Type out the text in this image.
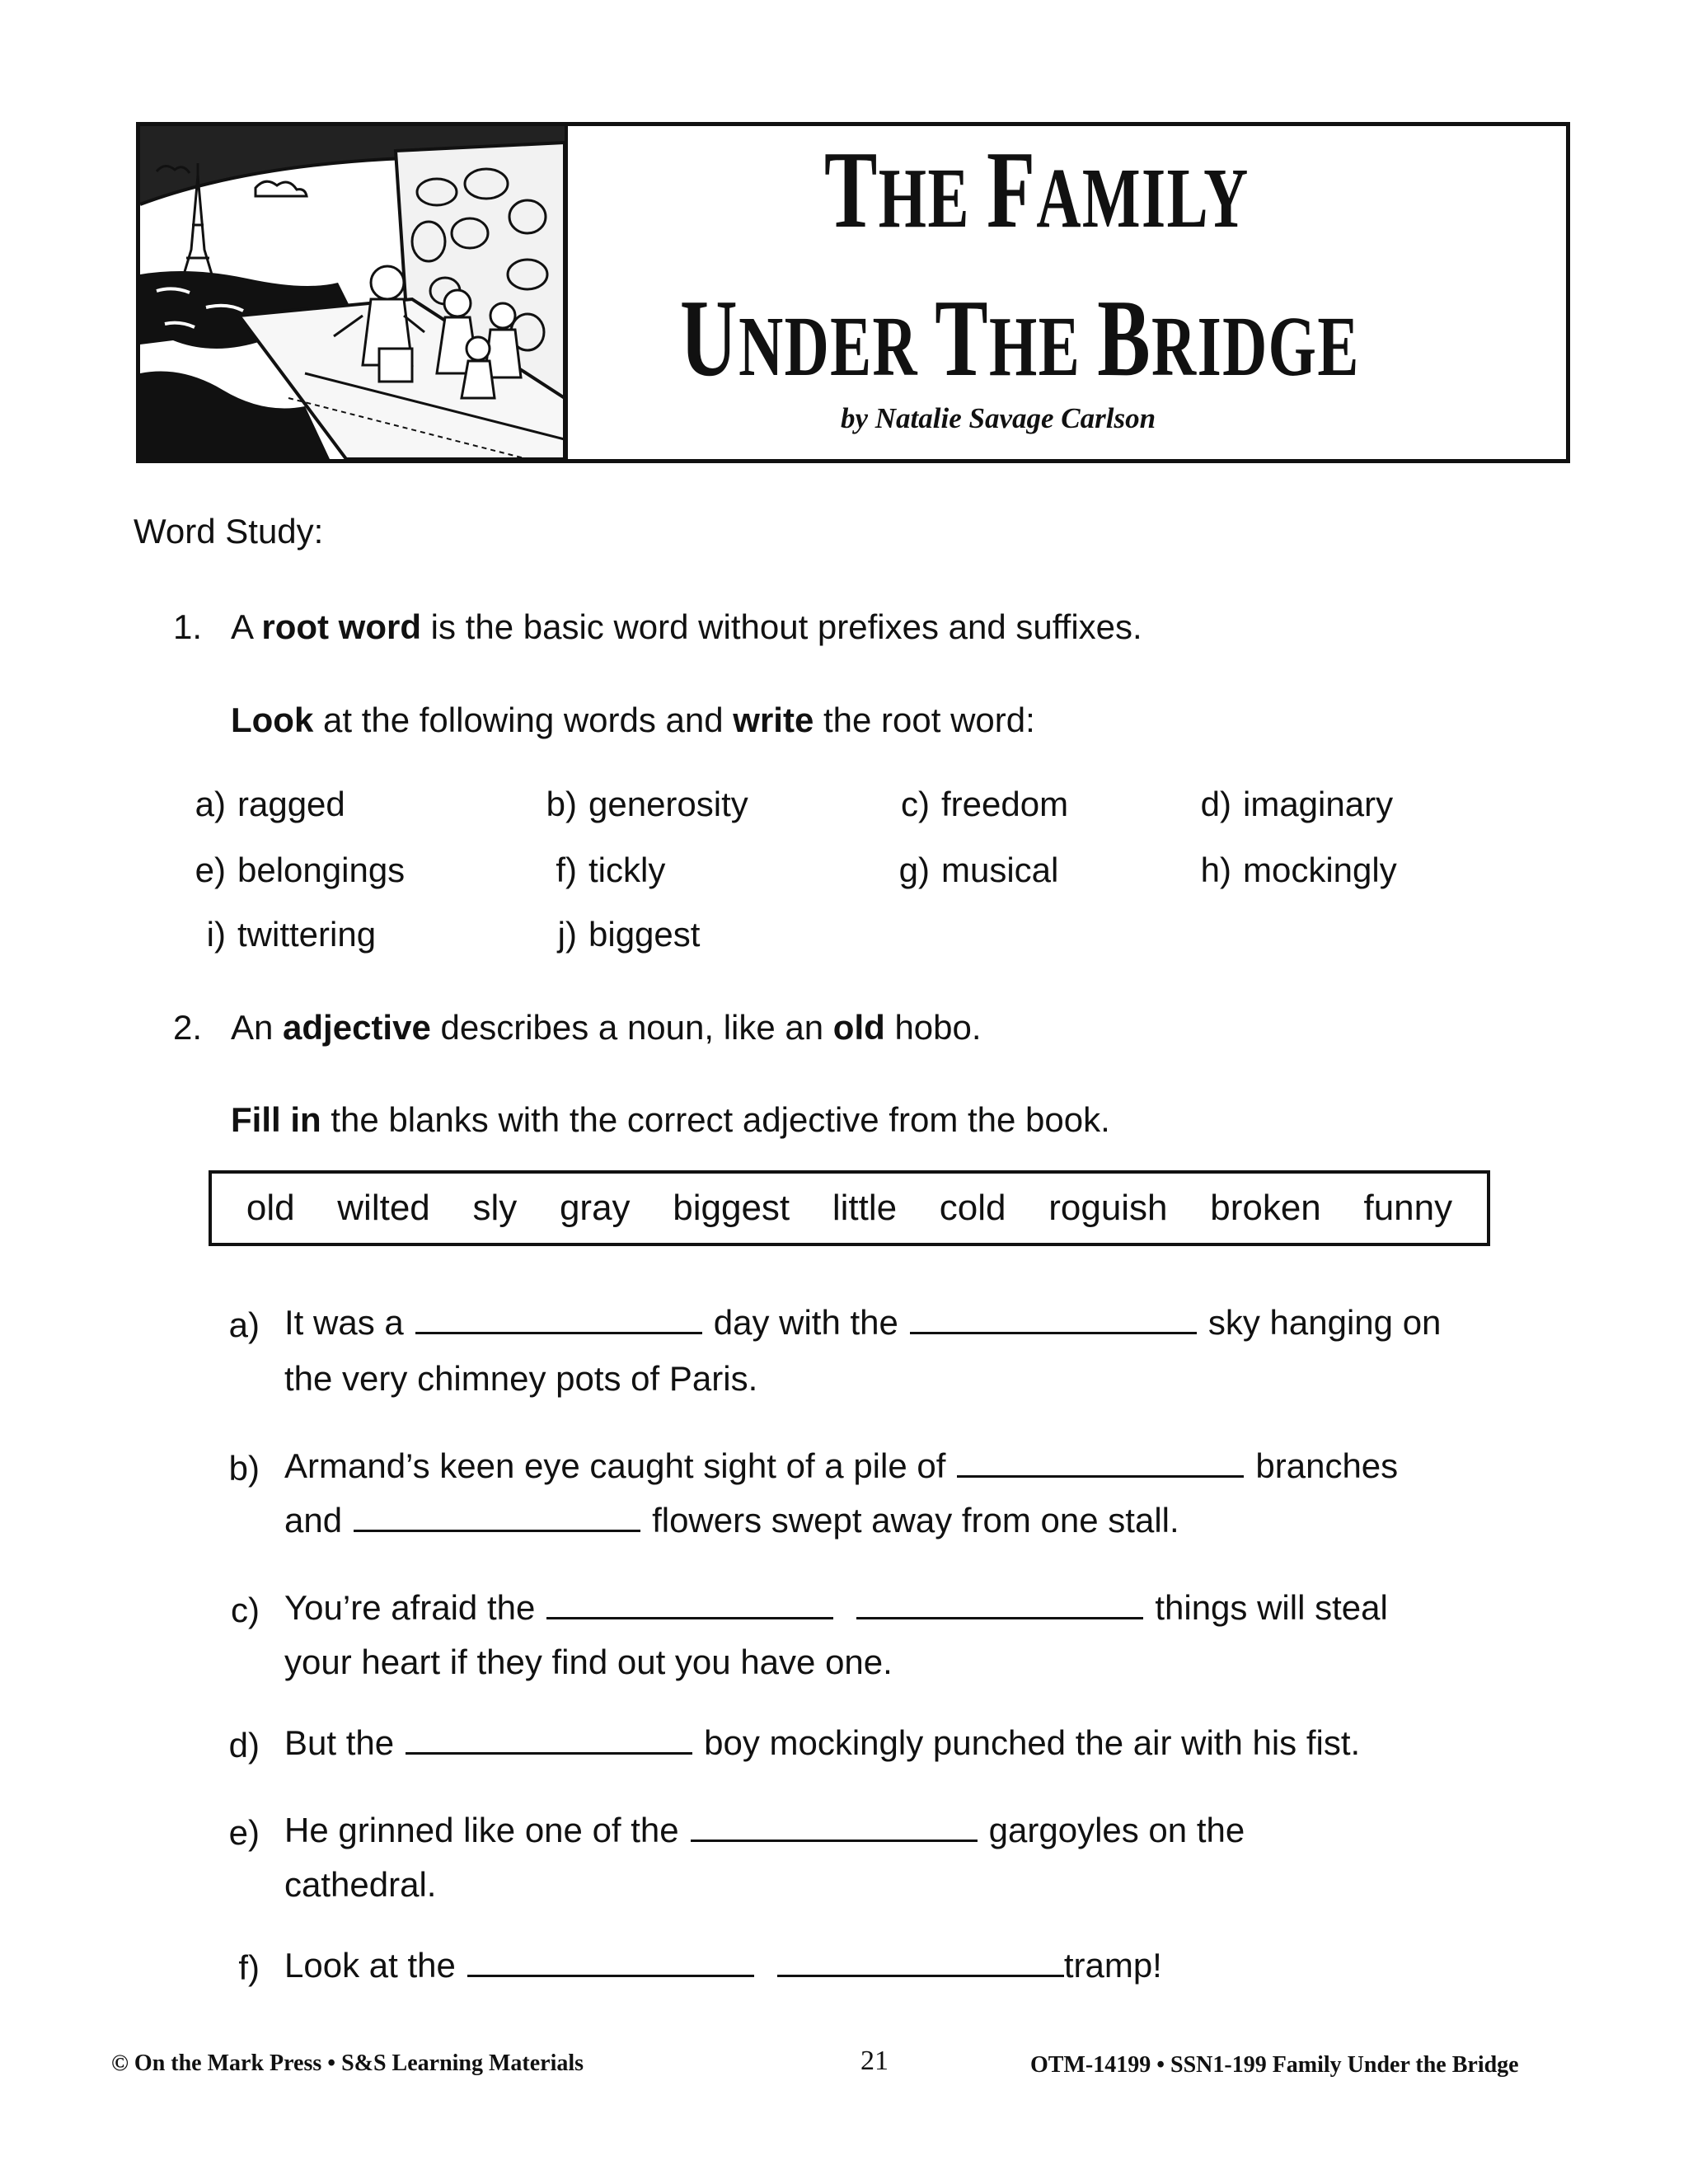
THE FAMILY
UNDER THE BRIDGE
by Natalie Savage Carlson
Word Study:
1. A root word is the basic word without prefixes and suffixes.
Look at the following words and write the root word:
a) ragged	b) generosity	c) freedom	d) imaginary
e) belongings	f) tickly	g) musical	h) mockingly
i) twittering	j) biggest
2. An adjective describes a noun, like an old hobo.
Fill in the blanks with the correct adjective from the book.
old wilted sly gray biggest little cold roguish broken funny
a) It was a	day with the	sky hanging on
the very chimney pots of Paris.
b) Armand’s keen eye caught sight of a pile of	branches
and	flowers swept away from one stall.
c) You’re afraid the	things will steal
your heart if they find out you have one.
d) But the	boy mockingly punched the air with his fist.
e) He grinned like one of the	gargoyles on the
cathedral.
f) Look at the	tramp!
© On the Mark Press • S&S Learning Materials	21	OTM-14199 • SSN1-199 Family Under the Bridge
